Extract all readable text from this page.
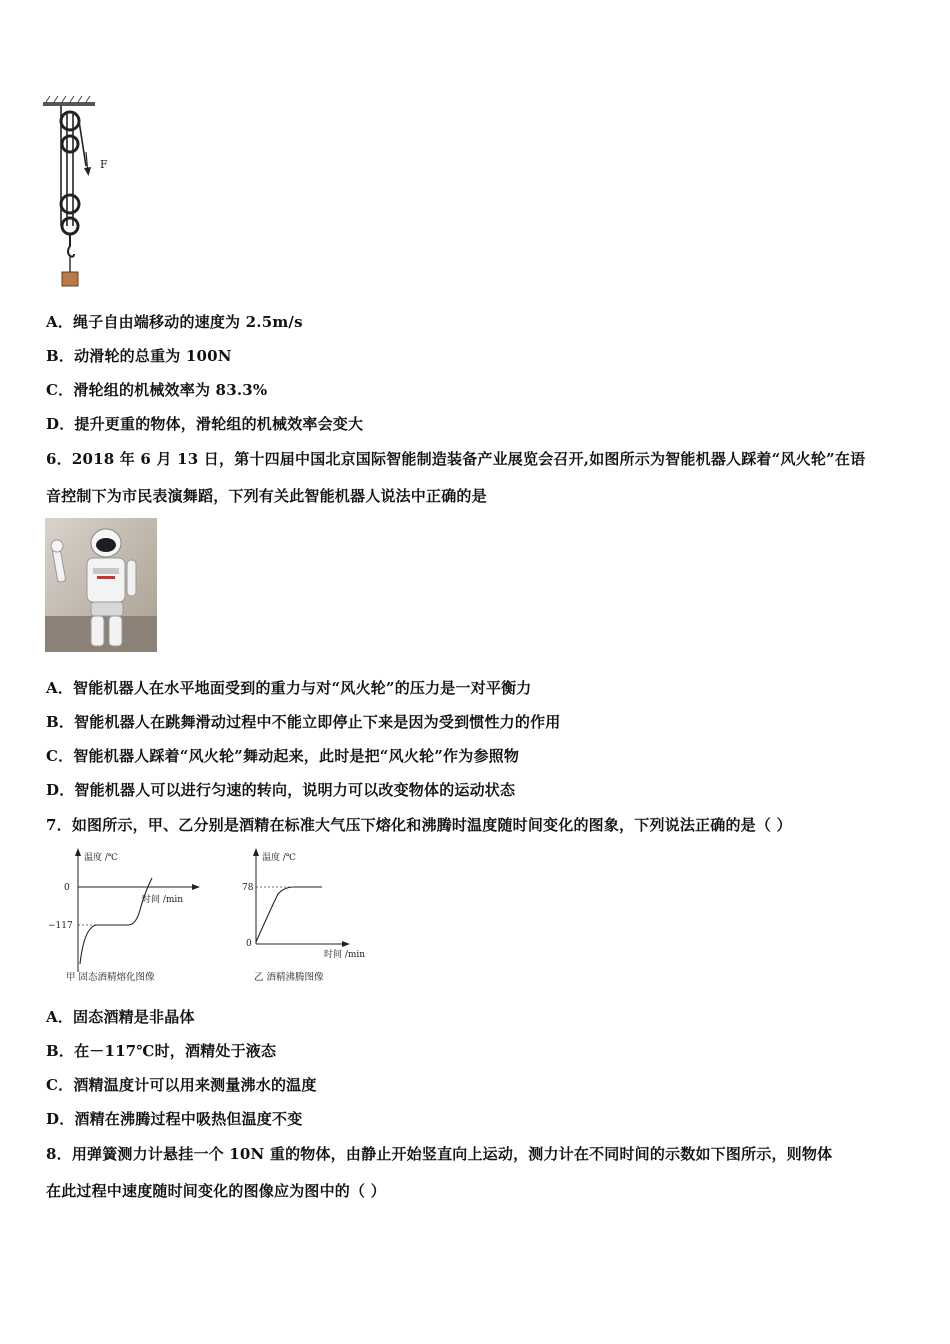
F
A．绳子自由端移动的速度为 2.5m/s
B．动滑轮的总重为 100N
C．滑轮组的机械效率为 83.3%
D．提升更重的物体，滑轮组的机械效率会变大
6．2018 年 6 月 13 日，第十四届中国北京国际智能制造装备产业展览会召开,如图所示为智能机器人踩着“风火轮”在语
音控制下为市民表演舞蹈，下列有关此智能机器人说法中正确的是
A．智能机器人在水平地面受到的重力与对“风火轮”的压力是一对平衡力
B．智能机器人在跳舞滑动过程中不能立即停止下来是因为受到惯性力的作用
C．智能机器人踩着“风火轮”舞动起来，此时是把“风火轮”作为参照物
D．智能机器人可以进行匀速的转向，说明力可以改变物体的运动状态
7．如图所示，甲、乙分别是酒精在标准大气压下熔化和沸腾时温度随时间变化的图象，下列说法正确的是（ ）
温度 /℃
时间 /min
0
−117
甲 固态酒精熔化图像
温度 /℃
时间 /min
78
0
乙 酒精沸腾图像
A．固态酒精是非晶体
B．在－117℃时，酒精处于液态
C．酒精温度计可以用来测量沸水的温度
D．酒精在沸腾过程中吸热但温度不变
8．用弹簧测力计悬挂一个 10N 重的物体，由静止开始竖直向上运动，测力计在不同时间的示数如下图所示，则物体
在此过程中速度随时间变化的图像应为图中的（ ）
